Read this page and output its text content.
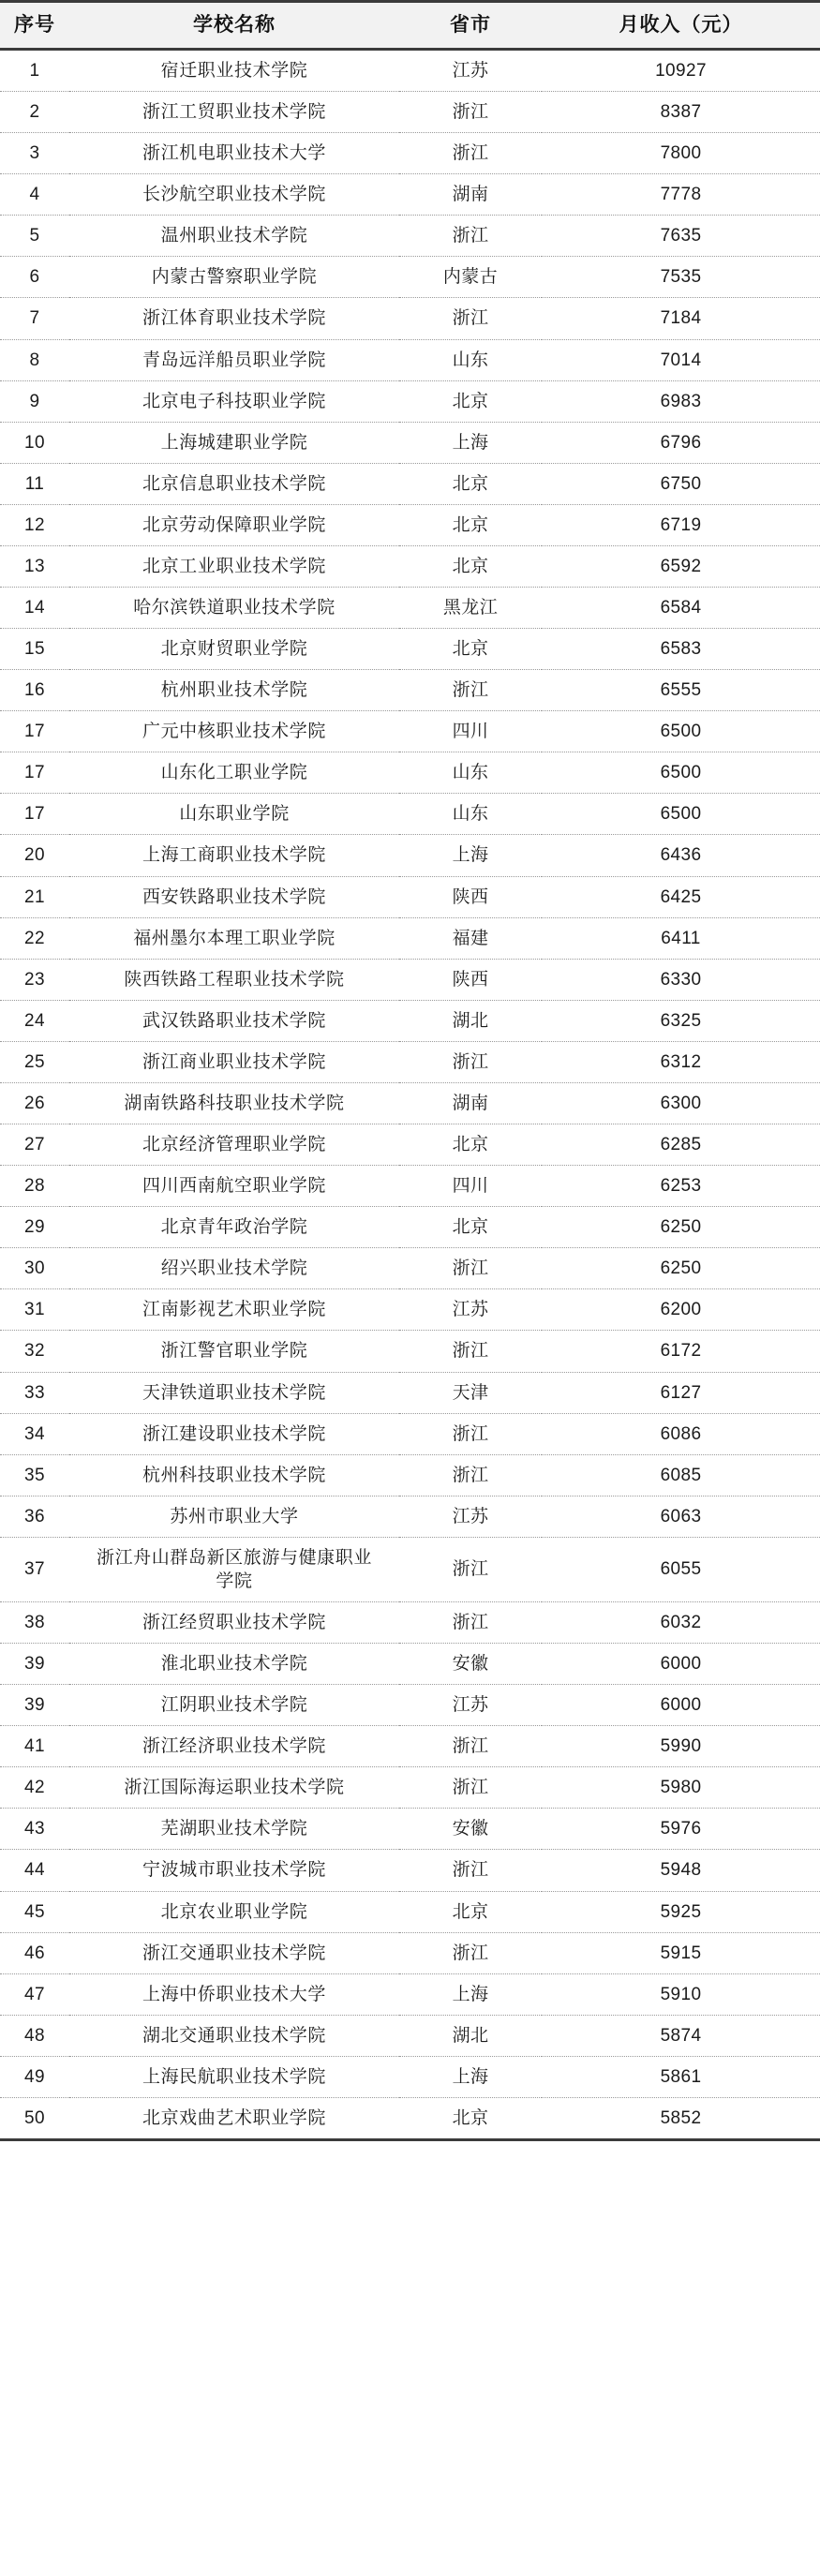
序号	学校名称	省市	月收入（元）
1	宿迁职业技术学院	江苏	10927
2	浙江工贸职业技术学院	浙江	8387
3	浙江机电职业技术大学	浙江	7800
4	长沙航空职业技术学院	湖南	7778
5	温州职业技术学院	浙江	7635
6	内蒙古警察职业学院	内蒙古	7535
7	浙江体育职业技术学院	浙江	7184
8	青岛远洋船员职业学院	山东	7014
9	北京电子科技职业学院	北京	6983
10	上海城建职业学院	上海	6796
11	北京信息职业技术学院	北京	6750
12	北京劳动保障职业学院	北京	6719
13	北京工业职业技术学院	北京	6592
14	哈尔滨铁道职业技术学院	黑龙江	6584
15	北京财贸职业学院	北京	6583
16	杭州职业技术学院	浙江	6555
17	广元中核职业技术学院	四川	6500
17	山东化工职业学院	山东	6500
17	山东职业学院	山东	6500
20	上海工商职业技术学院	上海	6436
21	西安铁路职业技术学院	陕西	6425
22	福州墨尔本理工职业学院	福建	6411
23	陕西铁路工程职业技术学院	陕西	6330
24	武汉铁路职业技术学院	湖北	6325
25	浙江商业职业技术学院	浙江	6312
26	湖南铁路科技职业技术学院	湖南	6300
27	北京经济管理职业学院	北京	6285
28	四川西南航空职业学院	四川	6253
29	北京青年政治学院	北京	6250
30	绍兴职业技术学院	浙江	6250
31	江南影视艺术职业学院	江苏	6200
32	浙江警官职业学院	浙江	6172
33	天津铁道职业技术学院	天津	6127
34	浙江建设职业技术学院	浙江	6086
35	杭州科技职业技术学院	浙江	6085
36	苏州市职业大学	江苏	6063
37	浙江舟山群岛新区旅游与健康职业学院	浙江	6055
38	浙江经贸职业技术学院	浙江	6032
39	淮北职业技术学院	安徽	6000
39	江阴职业技术学院	江苏	6000
41	浙江经济职业技术学院	浙江	5990
42	浙江国际海运职业技术学院	浙江	5980
43	芜湖职业技术学院	安徽	5976
44	宁波城市职业技术学院	浙江	5948
45	北京农业职业学院	北京	5925
46	浙江交通职业技术学院	浙江	5915
47	上海中侨职业技术大学	上海	5910
48	湖北交通职业技术学院	湖北	5874
49	上海民航职业技术学院	上海	5861
50	北京戏曲艺术职业学院	北京	5852
